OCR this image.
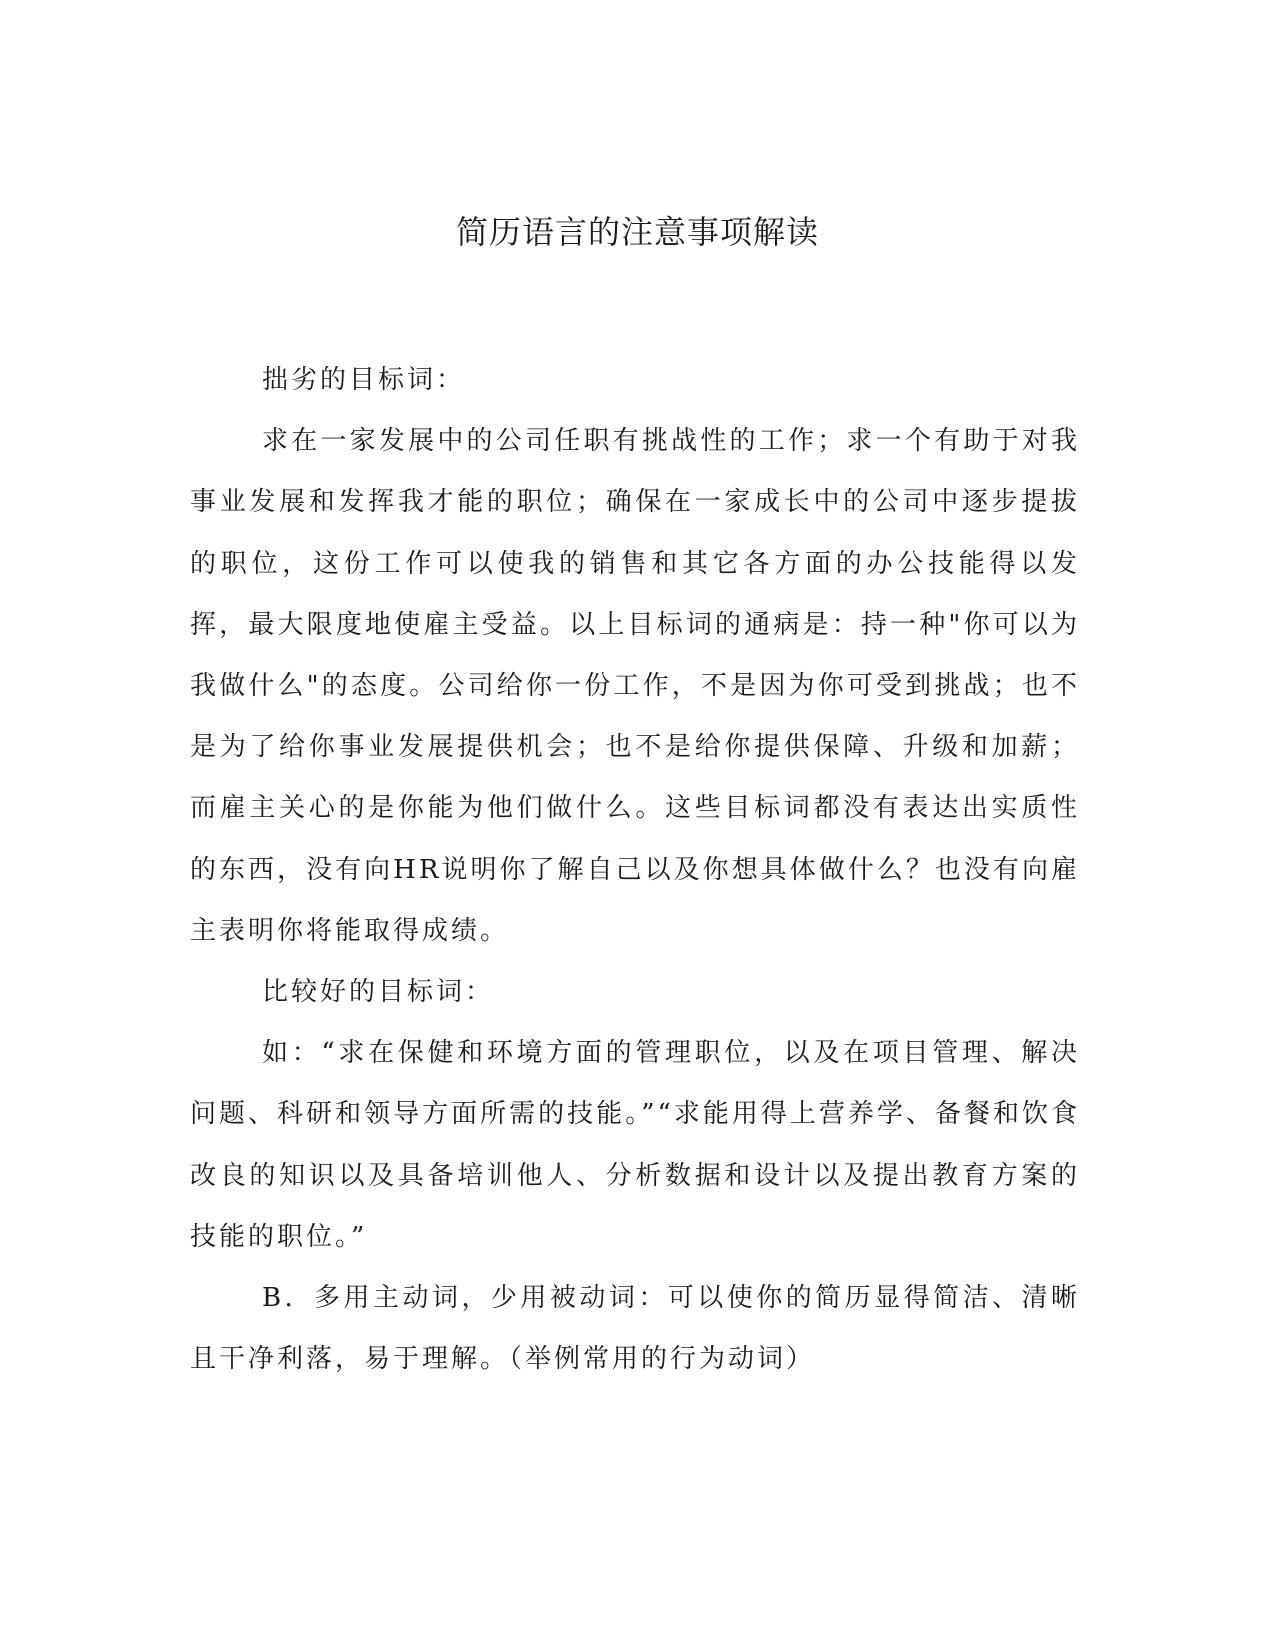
简历语言的注意事项解读

拙劣的目标词：

求在一家发展中的公司任职有挑战性的工作；求一个有助于对我事业发展和发挥我才能的职位；确保在一家成长中的公司中逐步提拔的职位，这份工作可以使我的销售和其它各方面的办公技能得以发挥，最大限度地使雇主受益。以上目标词的通病是：持一种"你可以为我做什么"的态度。公司给你一份工作，不是因为你可受到挑战；也不是为了给你事业发展提供机会；也不是给你提供保障、升级和加薪；而雇主关心的是你能为他们做什么。这些目标词都没有表达出实质性的东西，没有向HR说明你了解自己以及你想具体做什么？也没有向雇主表明你将能取得成绩。

比较好的目标词：

如：“求在保健和环境方面的管理职位，以及在项目管理、解决问题、科研和领导方面所需的技能。”“求能用得上营养学、备餐和饮食改良的知识以及具备培训他人、分析数据和设计以及提出教育方案的技能的职位。”

B．多用主动词，少用被动词：可以使你的简历显得简洁、清晰且干净利落，易于理解。（举例常用的行为动词）
